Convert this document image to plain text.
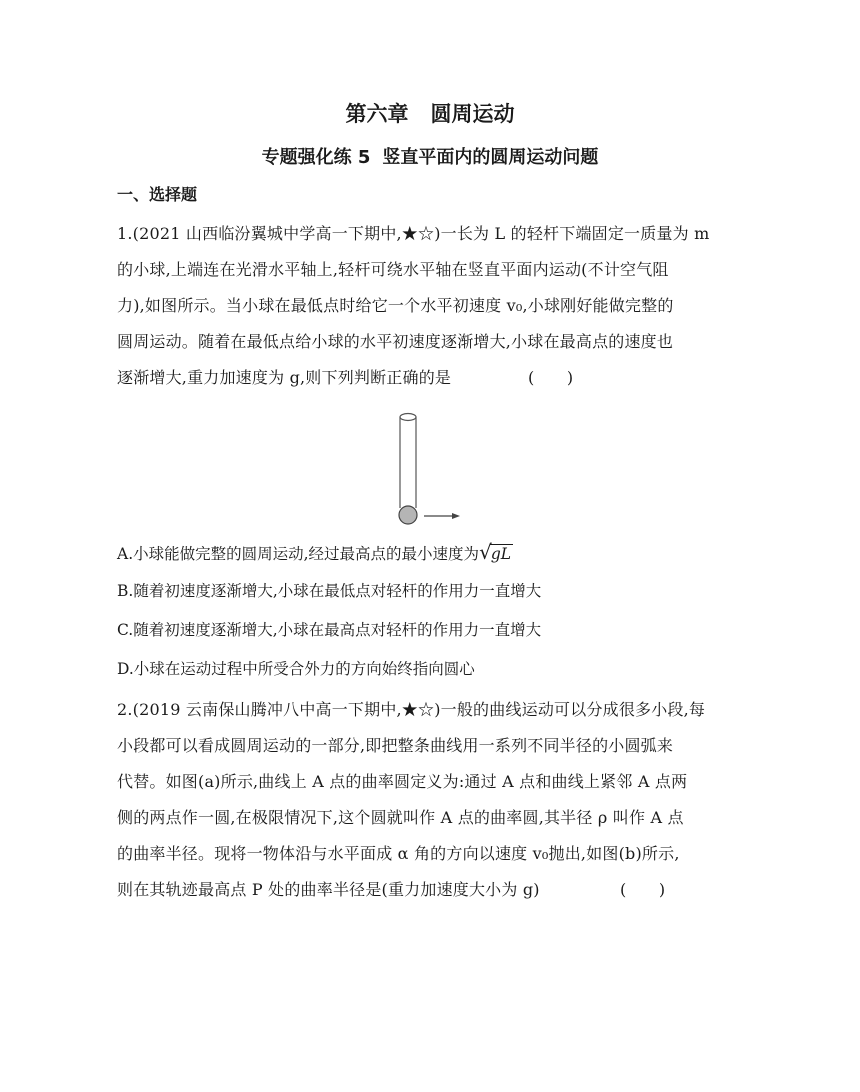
第六章 圆周运动
专题强化练 5 竖直平面内的圆周运动问题
一、选择题
1.(2021 山西临汾翼城中学高一下期中,★☆)一长为 L 的轻杆下端固定一质量为 m
的小球,上端连在光滑水平轴上,轻杆可绕水平轴在竖直平面内运动(不计空气阻
力),如图所示。当小球在最低点时给它一个水平初速度 v₀,小球刚好能做完整的
圆周运动。随着在最低点给小球的水平初速度逐渐增大,小球在最高点的速度也
逐渐增大,重力加速度为 g,则下列判断正确的是	(　　)
A.小球能做完整的圆周运动,经过最高点的最小速度为√gL
B.随着初速度逐渐增大,小球在最低点对轻杆的作用力一直增大
C.随着初速度逐渐增大,小球在最高点对轻杆的作用力一直增大
D.小球在运动过程中所受合外力的方向始终指向圆心
2.(2019 云南保山腾冲八中高一下期中,★☆)一般的曲线运动可以分成很多小段,每
小段都可以看成圆周运动的一部分,即把整条曲线用一系列不同半径的小圆弧来
代替。如图(a)所示,曲线上 A 点的曲率圆定义为:通过 A 点和曲线上紧邻 A 点两
侧的两点作一圆,在极限情况下,这个圆就叫作 A 点的曲率圆,其半径 ρ 叫作 A 点
的曲率半径。现将一物体沿与水平面成 α 角的方向以速度 v₀抛出,如图(b)所示,
则在其轨迹最高点 P 处的曲率半径是(重力加速度大小为 g)	(　　)
